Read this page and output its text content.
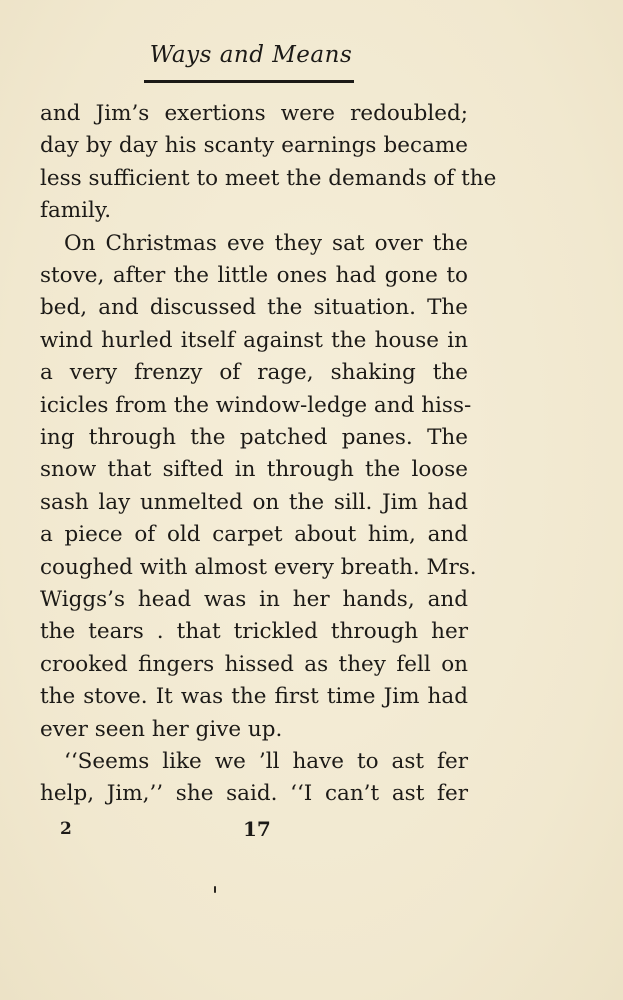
Ways and Means
and Jim’s exertions were redoubled;
day by day his scanty earnings became
less sufficient to meet the demands of the
family.
On Christmas eve they sat over the
stove, after the little ones had gone to
bed, and discussed the situation. The
wind hurled itself against the house in
a very frenzy of rage, shaking the
icicles from the window-ledge and hiss-
ing through the patched panes. The
snow that sifted in through the loose
sash lay unmelted on the sill. Jim had
a piece of old carpet about him, and
coughed with almost every breath. Mrs.
Wiggs’s head was in her hands, and
the tears . that trickled through her
crooked fingers hissed as they fell on
the stove. It was the first time Jim had
ever seen her give up.
‘‘Seems like we ’ll have to ast fer
help, Jim,’’ she said. ‘‘I can’t ast fer
2	17
